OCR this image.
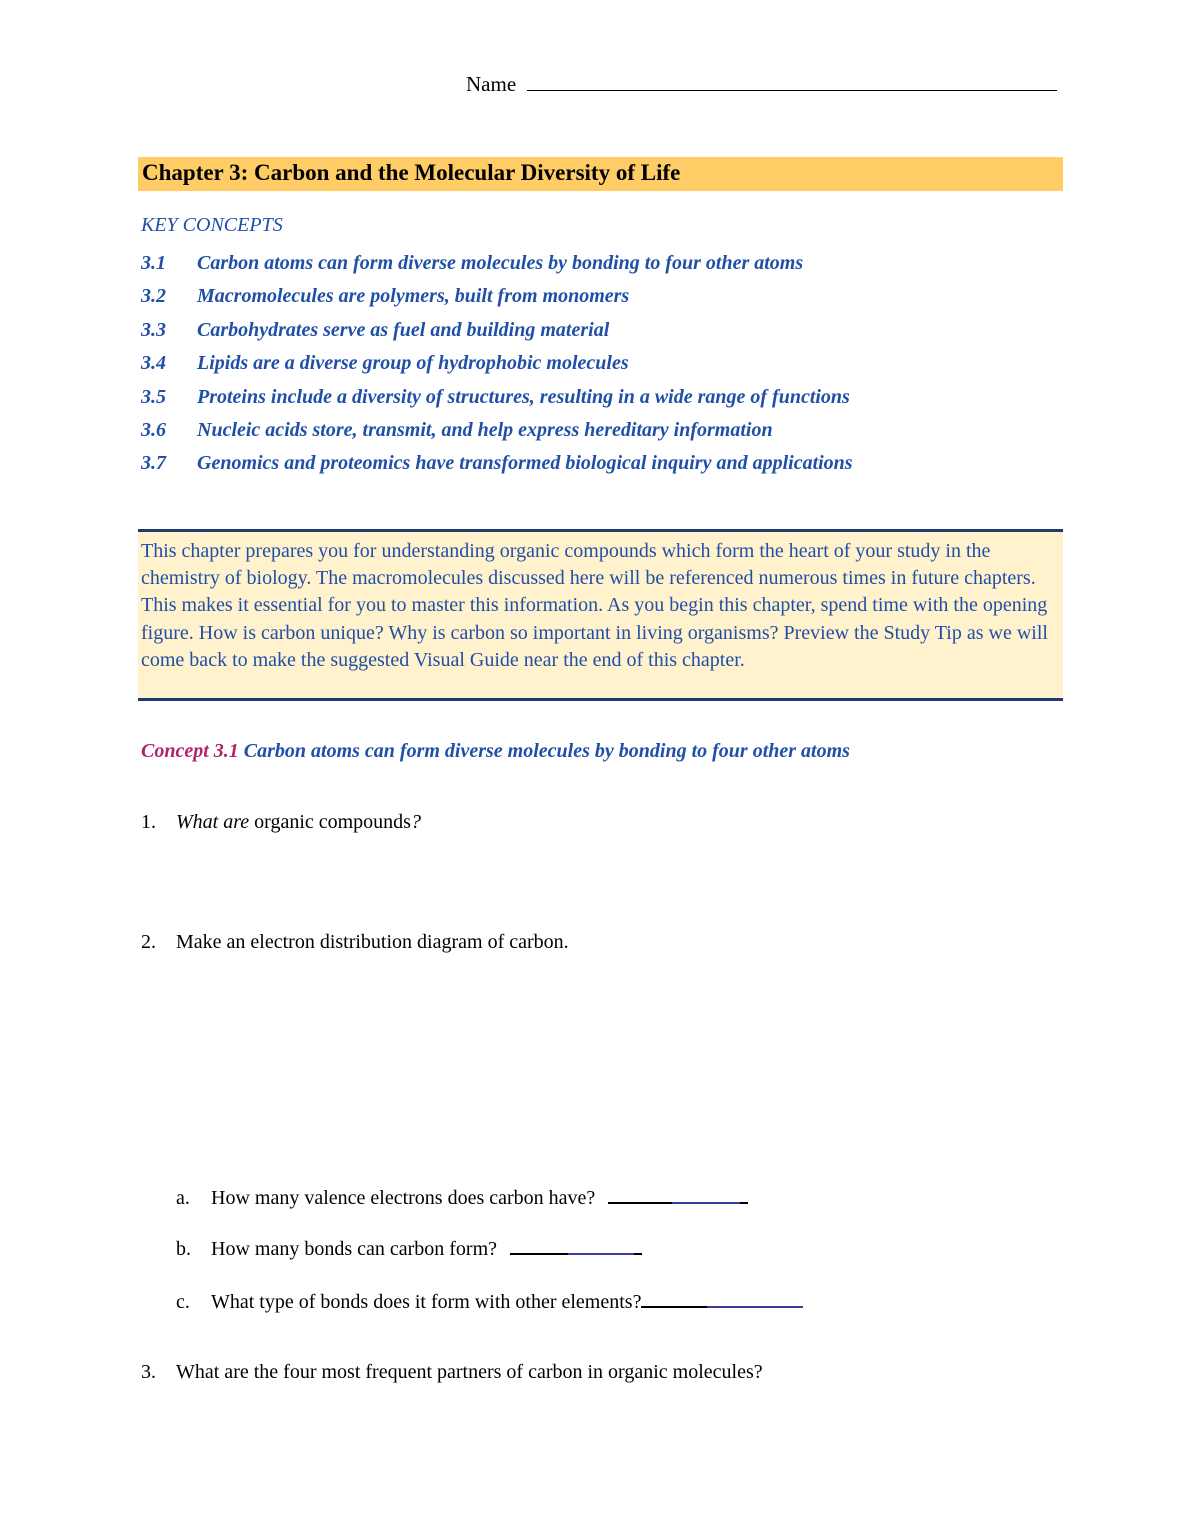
Name
Chapter 3: Carbon and the Molecular Diversity of Life
KEY CONCEPTS
3.1	Carbon atoms can form diverse molecules by bonding to four other atoms
3.2	Macromolecules are polymers, built from monomers
3.3	Carbohydrates serve as fuel and building material
3.4	Lipids are a diverse group of hydrophobic molecules
3.5	Proteins include a diversity of structures, resulting in a wide range of functions
3.6	Nucleic acids store, transmit, and help express hereditary information
3.7	Genomics and proteomics have transformed biological inquiry and applications

This chapter prepares you for understanding organic compounds which form the heart of your study in the chemistry of biology. The macromolecules discussed here will be referenced numerous times in future chapters. This makes it essential for you to master this information. As you begin this chapter, spend time with the opening figure. How is carbon unique? Why is carbon so important in living organisms? Preview the Study Tip as we will come back to make the suggested Visual Guide near the end of this chapter.

Concept 3.1 Carbon atoms can form diverse molecules by bonding to four other atoms
1. What are organic compounds?
2. Make an electron distribution diagram of carbon.
a. How many valence electrons does carbon have?
b. How many bonds can carbon form?
c. What type of bonds does it form with other elements?
3. What are the four most frequent partners of carbon in organic molecules?
